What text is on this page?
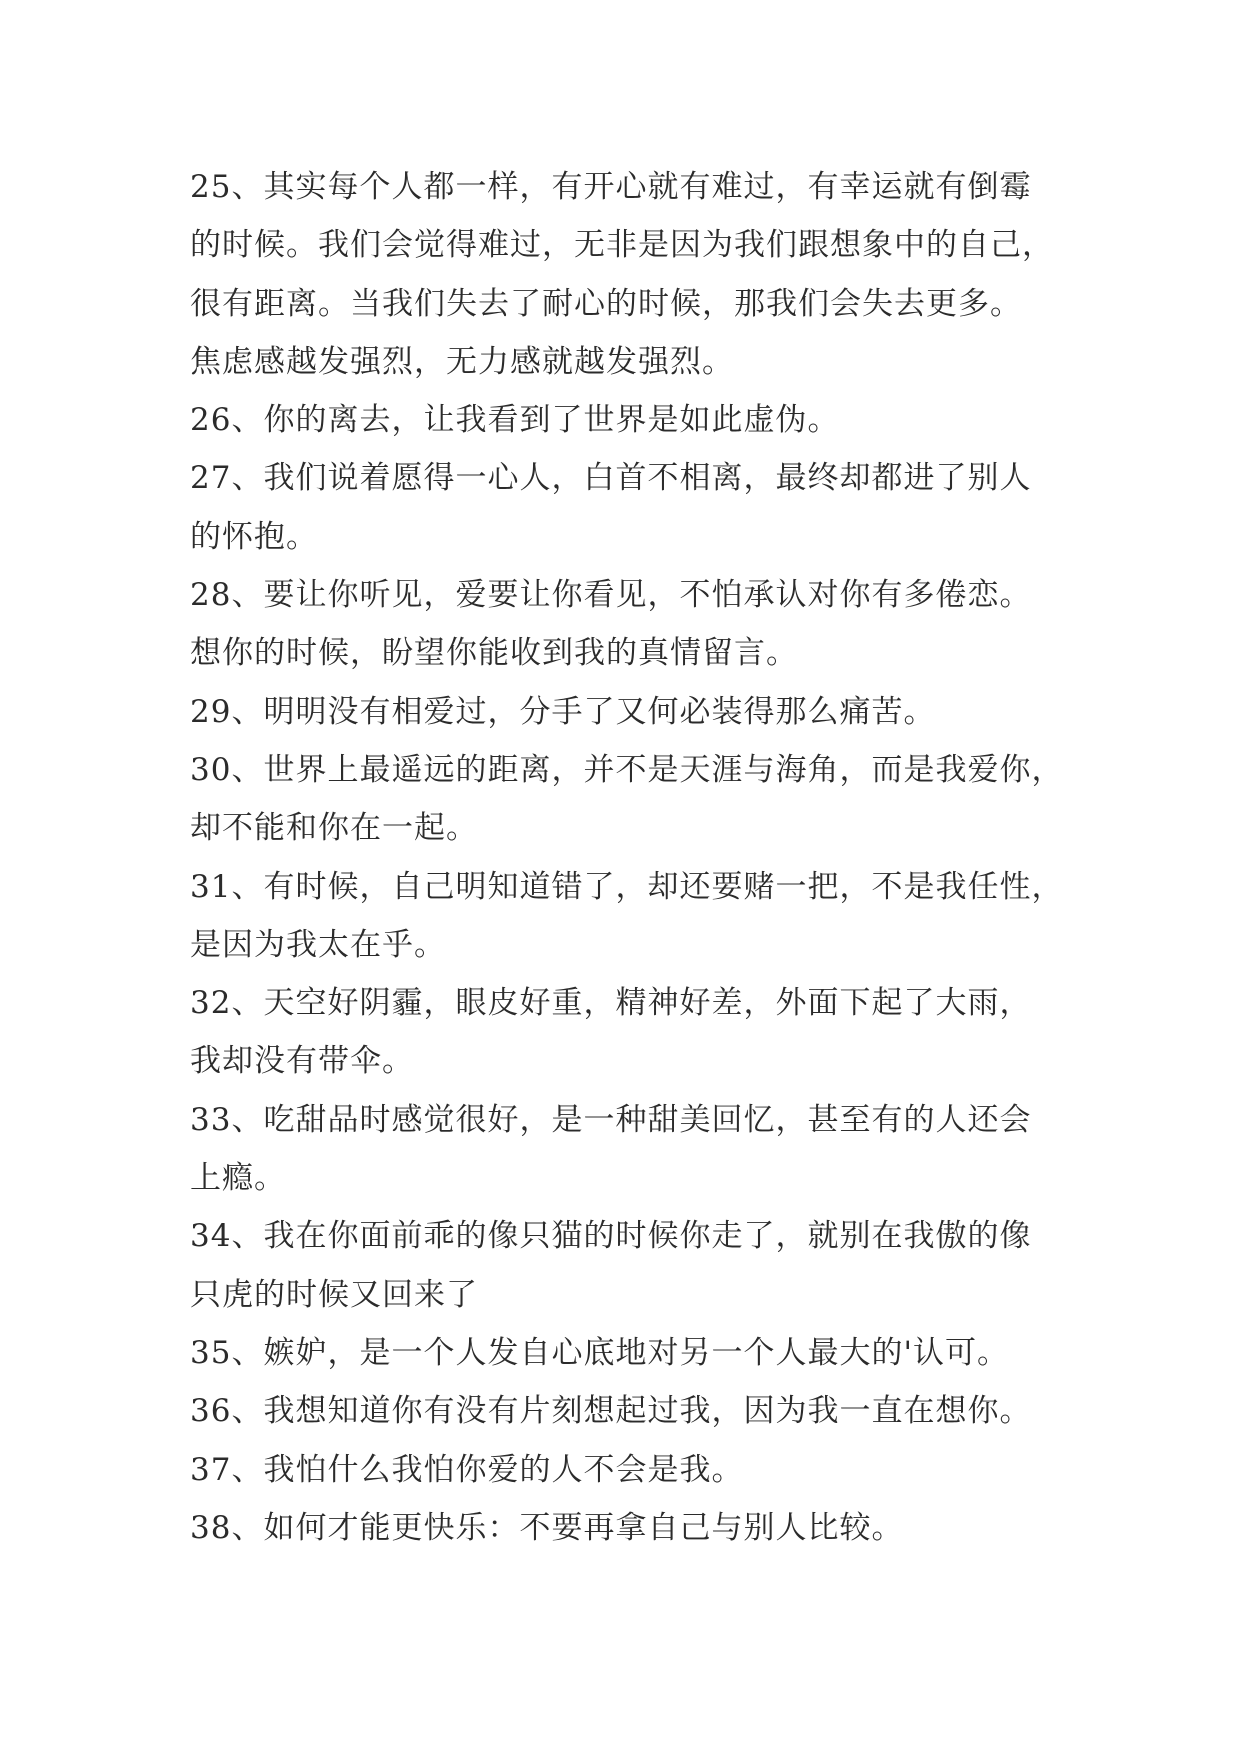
25、其实每个人都一样，有开心就有难过，有幸运就有倒霉
的时候。我们会觉得难过，无非是因为我们跟想象中的自己，
很有距离。当我们失去了耐心的时候，那我们会失去更多。
焦虑感越发强烈，无力感就越发强烈。
26、你的离去，让我看到了世界是如此虚伪。
27、我们说着愿得一心人，白首不相离，最终却都进了别人
的怀抱。
28、要让你听见，爱要让你看见，不怕承认对你有多倦恋。
想你的时候，盼望你能收到我的真情留言。
29、明明没有相爱过，分手了又何必装得那么痛苦。
30、世界上最遥远的距离，并不是天涯与海角，而是我爱你，
却不能和你在一起。
31、有时候，自己明知道错了，却还要赌一把，不是我任性，
是因为我太在乎。
32、天空好阴霾，眼皮好重，精神好差，外面下起了大雨，
我却没有带伞。
33、吃甜品时感觉很好，是一种甜美回忆，甚至有的人还会
上瘾。
34、我在你面前乖的像只猫的时候你走了，就别在我傲的像
只虎的时候又回来了
35、嫉妒，是一个人发自心底地对另一个人最大的'认可。
36、我想知道你有没有片刻想起过我，因为我一直在想你。
37、我怕什么我怕你爱的人不会是我。
38、如何才能更快乐：不要再拿自己与别人比较。
